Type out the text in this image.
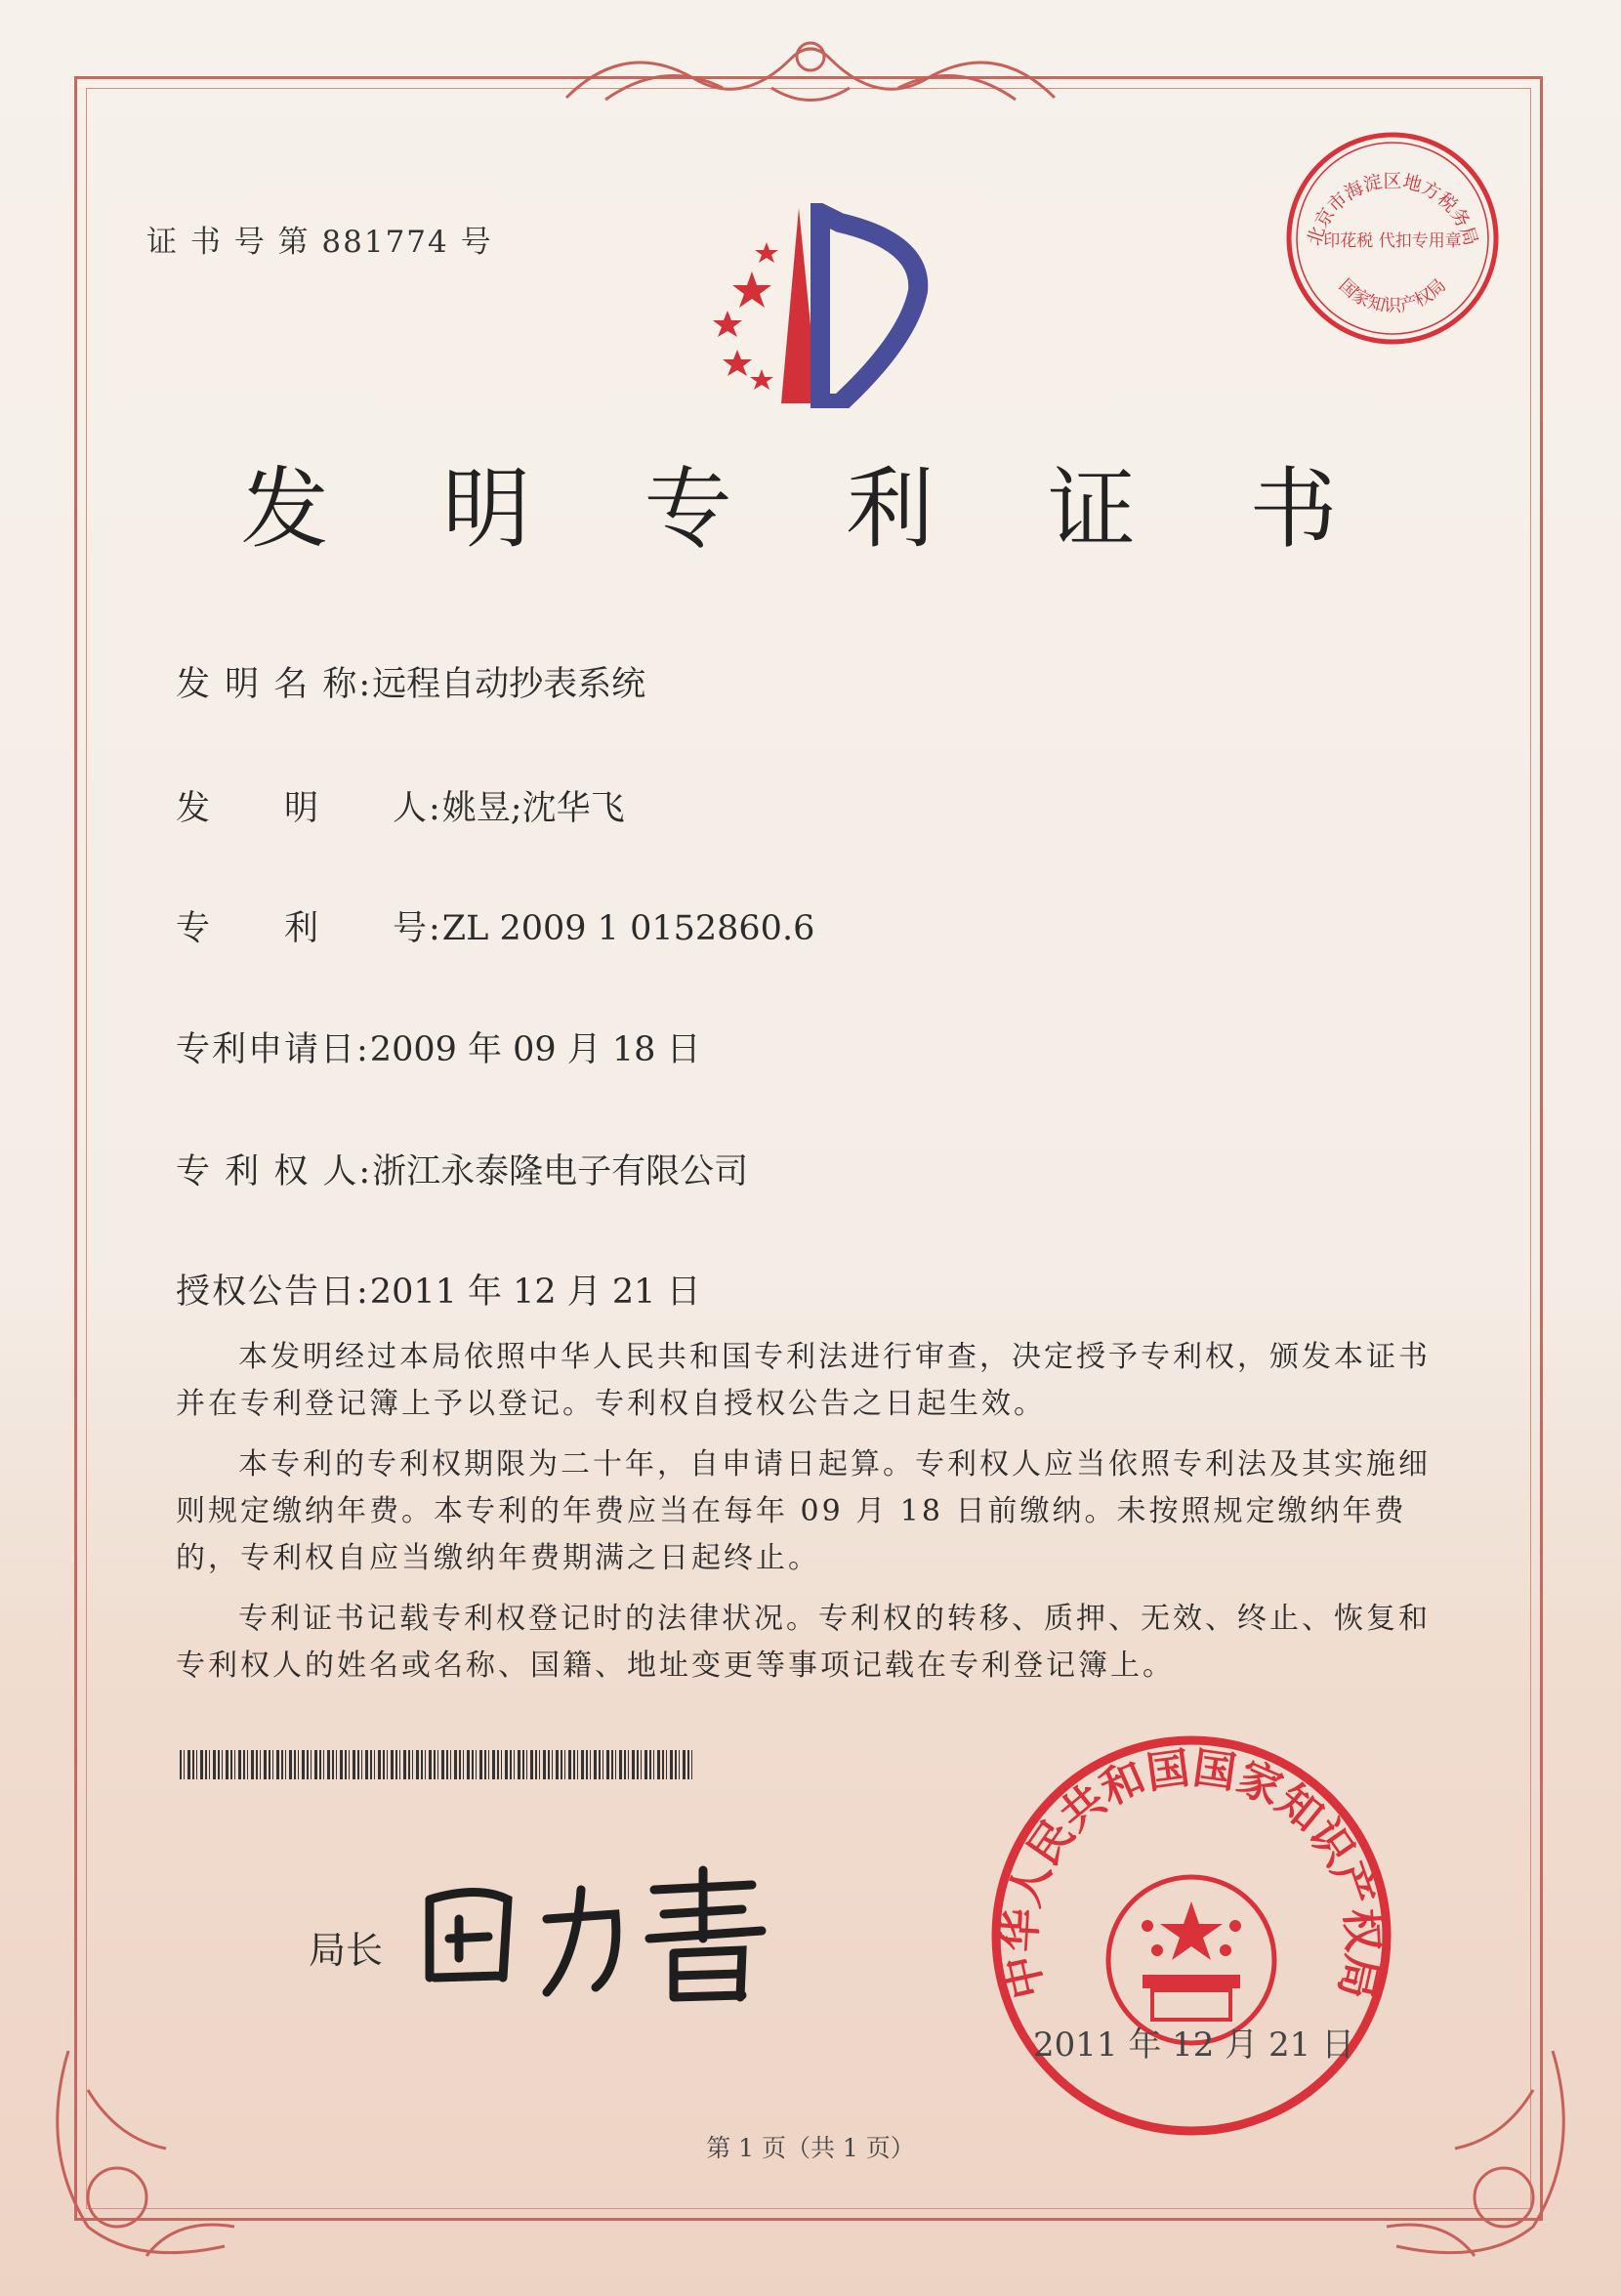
证 书 号 第 881774 号
发 明 专 利 证 书
发 明 名 称:远程自动抄表系统
发　　明　　人:姚昱;沈华飞
专　　利　　号:ZL 2009 1 0152860.6
专利申请日:2009 年 09 月 18 日
专 利 权 人:浙江永泰隆电子有限公司
授权公告日:2011 年 12 月 21 日

本发明经过本局依照中华人民共和国专利法进行审查，决定授予专利权，颁发本证书并在专利登记簿上予以登记。专利权自授权公告之日起生效。

本专利的专利权期限为二十年，自申请日起算。专利权人应当依照专利法及其实施细则规定缴纳年费。本专利的年费应当在每年 09 月 18 日前缴纳。未按照规定缴纳年费的，专利权自应当缴纳年费期满之日起终止。

专利证书记载专利权登记时的法律状况。专利权的转移、质押、无效、终止、恢复和专利权人的姓名或名称、国籍、地址变更等事项记载在专利登记簿上。

局长
北京市海淀区地方税务局
国家知识产权局
印花税 代扣专用章
中华人民共和国国家知识产权局
2011 年 12 月 21 日
第 1 页（共 1 页）
